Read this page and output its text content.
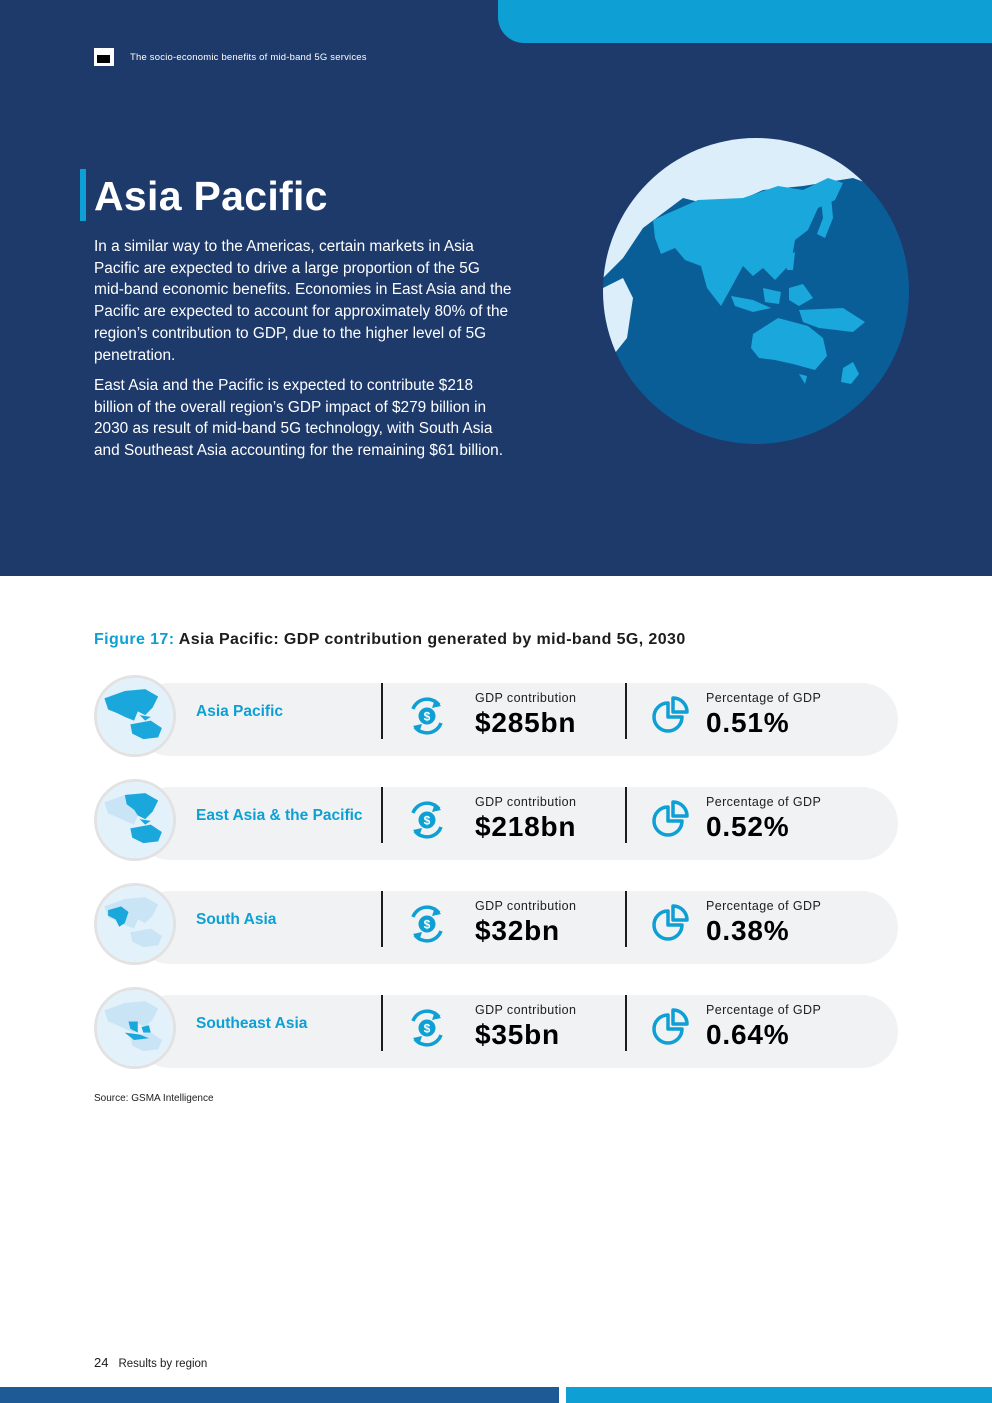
The socio-economic benefits of mid-band 5G services
Asia Pacific

In a similar way to the Americas, certain markets in Asia Pacific are expected to drive a large proportion of the 5G mid-band economic benefits. Economies in East Asia and the Pacific are expected to account for approximately 80% of the region’s contribution to GDP, due to the higher level of 5G penetration.

East Asia and the Pacific is expected to contribute $218 billion of the overall region’s GDP impact of $279 billion in 2030 as result of mid-band 5G technology, with South Asia and Southeast Asia accounting for the remaining $61 billion.

Figure 17: Asia Pacific: GDP contribution generated by mid-band 5G, 2030
Asia Pacific	$
GDP contribution
$285bn
Percentage of GDP
0.51%
East Asia & the Pacific	$
GDP contribution
$218bn
Percentage of GDP
0.52%
South Asia	$
GDP contribution
$32bn
Percentage of GDP
0.38%
Southeast Asia	$
GDP contribution
$35bn
Percentage of GDP
0.64%
Source: GSMA Intelligence
24 Results by region
